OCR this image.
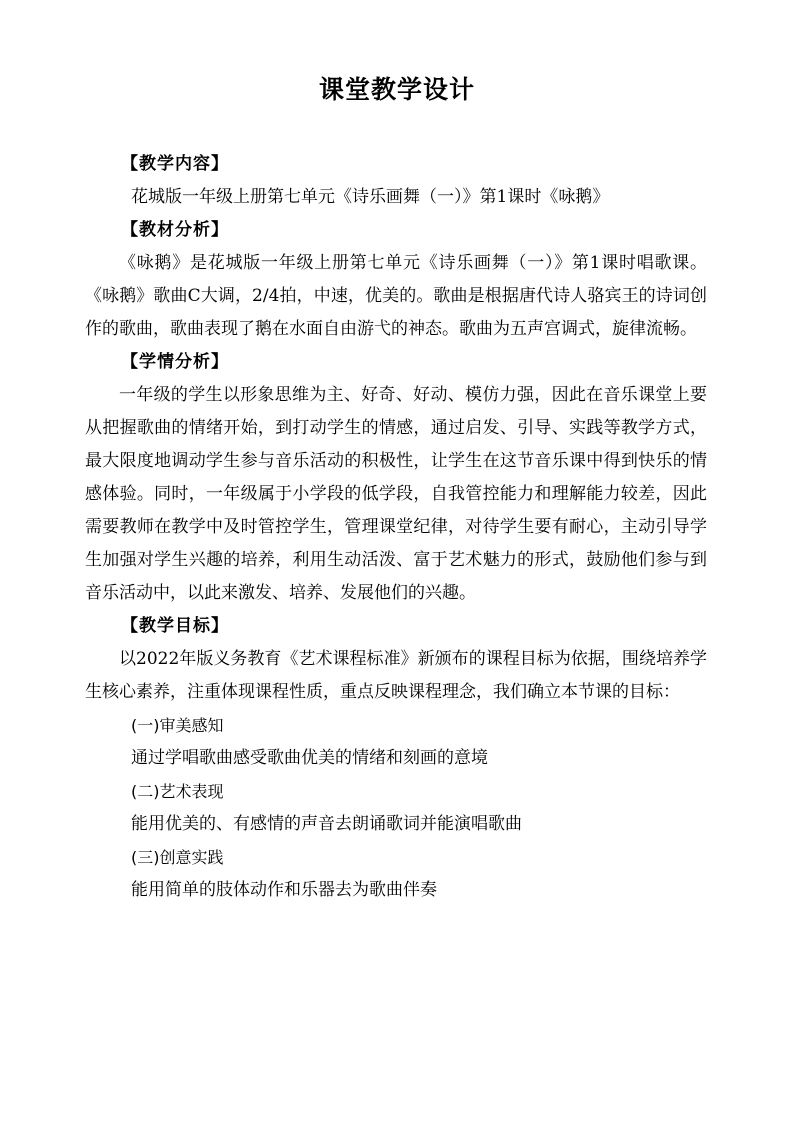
课堂教学设计

【教学内容】

花城版一年级上册第七单元《诗乐画舞（一）》第1课时《咏鹅》

【教材分析】

《咏鹅》是花城版一年级上册第七单元《诗乐画舞（一）》第1课时唱歌课。《咏鹅》歌曲C大调，2/4拍，中速，优美的。歌曲是根据唐代诗人骆宾王的诗词创作的歌曲，歌曲表现了鹅在水面自由游弋的神态。歌曲为五声宫调式，旋律流畅。

【学情分析】

一年级的学生以形象思维为主、好奇、好动、模仿力强，因此在音乐课堂上要从把握歌曲的情绪开始，到打动学生的情感，通过启发、引导、实践等教学方式，最大限度地调动学生参与音乐活动的积极性，让学生在这节音乐课中得到快乐的情感体验。同时，一年级属于小学段的低学段，自我管控能力和理解能力较差，因此需要教师在教学中及时管控学生，管理课堂纪律，对待学生要有耐心，主动引导学生加强对学生兴趣的培养，利用生动活泼、富于艺术魅力的形式，鼓励他们参与到音乐活动中，以此来激发、培养、发展他们的兴趣。

【教学目标】

以2022年版义务教育《艺术课程标准》新颁布的课程目标为依据，围绕培养学生核心素养，注重体现课程性质，重点反映课程理念，我们确立本节课的目标：

(一)审美感知

通过学唱歌曲感受歌曲优美的情绪和刻画的意境

(二)艺术表现

能用优美的、有感情的声音去朗诵歌词并能演唱歌曲

(三)创意实践

能用简单的肢体动作和乐器去为歌曲伴奏
